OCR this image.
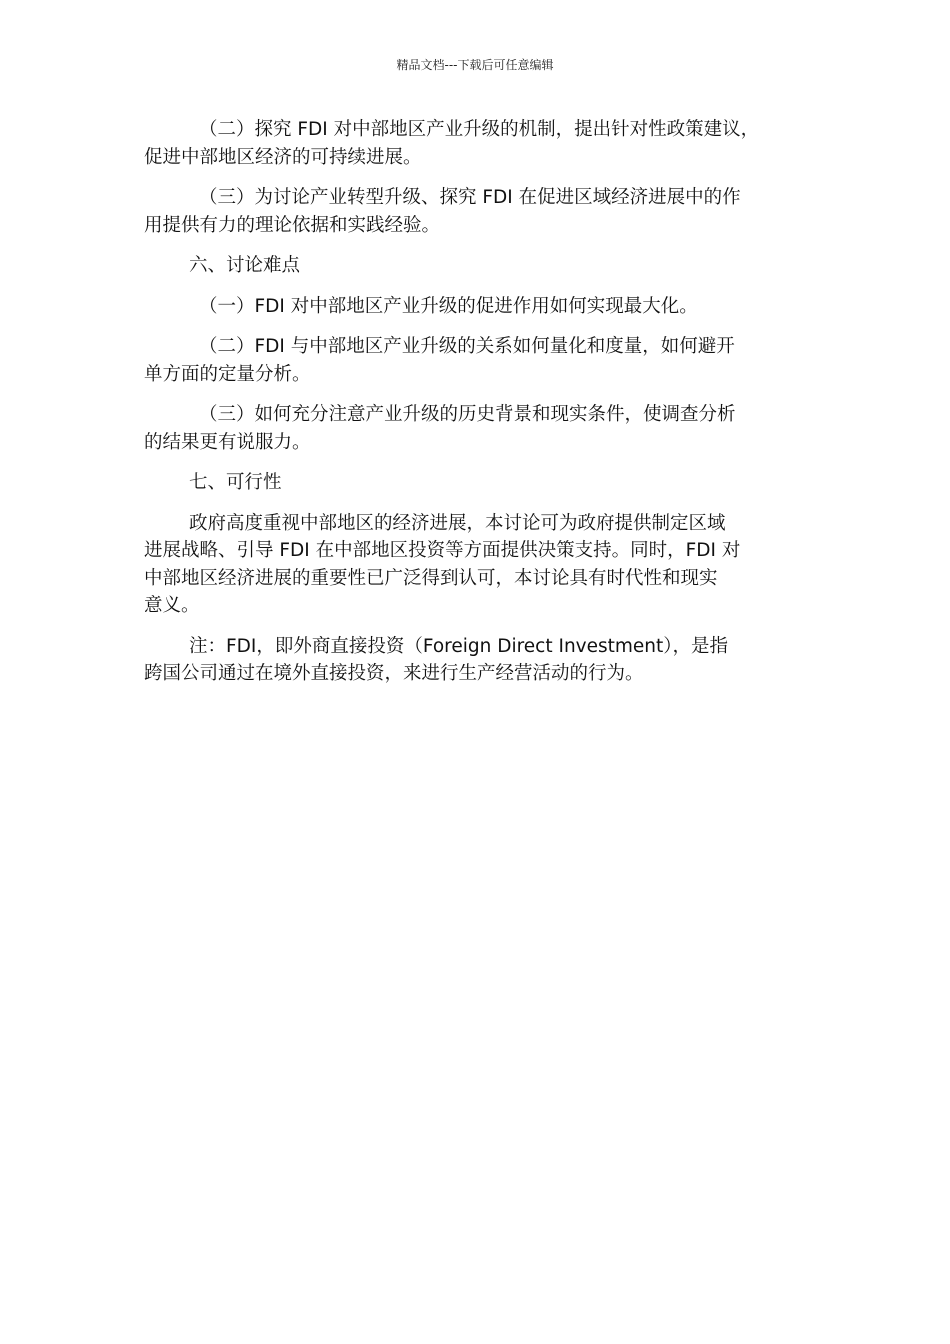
精品文档---下载后可任意编辑

（二）探究 FDI 对中部地区产业升级的机制，提出针对性政策建议，
促进中部地区经济的可持续进展。

（三）为讨论产业转型升级、探究 FDI 在促进区域经济进展中的作
用提供有力的理论依据和实践经验。

六、讨论难点

（一）FDI 对中部地区产业升级的促进作用如何实现最大化。

（二）FDI 与中部地区产业升级的关系如何量化和度量，如何避开
单方面的定量分析。

（三）如何充分注意产业升级的历史背景和现实条件，使调查分析
的结果更有说服力。

七、可行性

政府高度重视中部地区的经济进展，本讨论可为政府提供制定区域
进展战略、引导 FDI 在中部地区投资等方面提供决策支持。同时，FDI 对
中部地区经济进展的重要性已广泛得到认可，本讨论具有时代性和现实
意义。

注：FDI，即外商直接投资（Foreign Direct Investment），是指
跨国公司通过在境外直接投资，来进行生产经营活动的行为。
